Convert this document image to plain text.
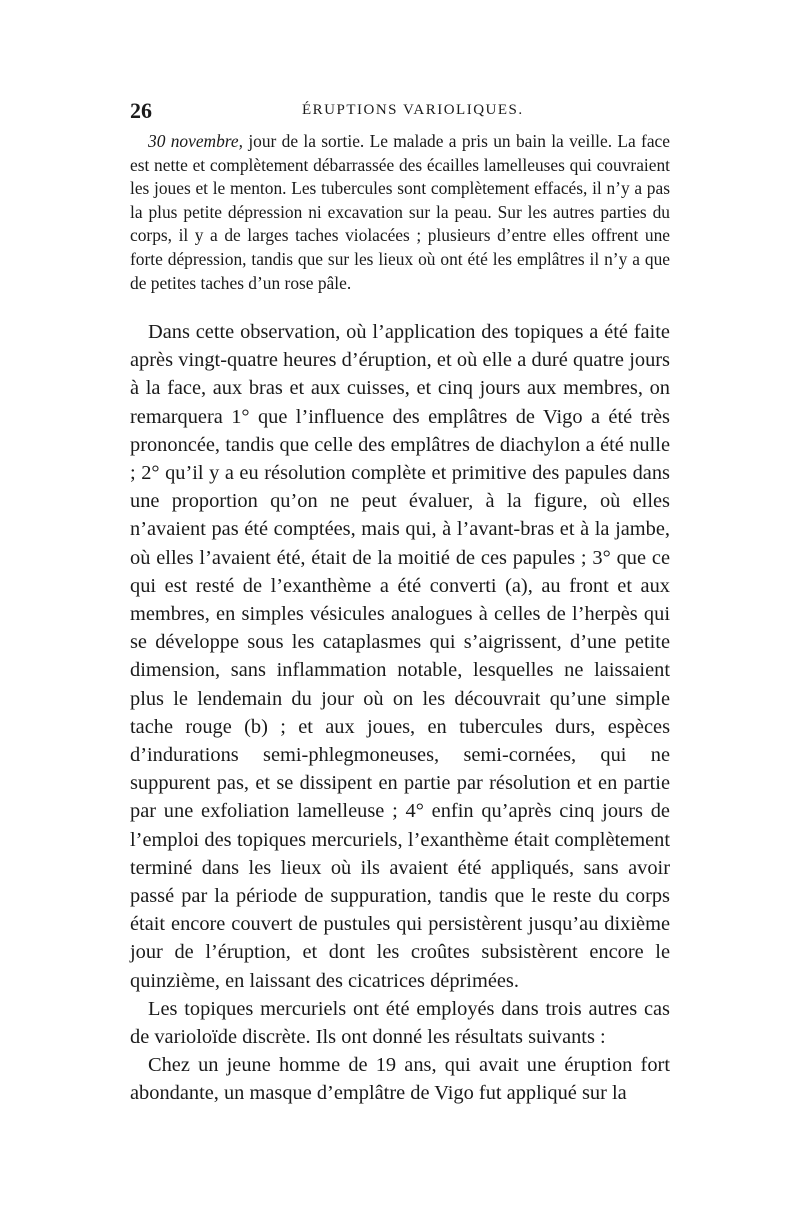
26	ÉRUPTIONS VARIOLIQUES.

30 novembre, jour de la sortie. Le malade a pris un bain la veille. La face est nette et complètement débarrassée des écailles lamelleuses qui couvraient les joues et le menton. Les tubercules sont complètement effacés, il n’y a pas la plus petite dépression ni excavation sur la peau. Sur les autres parties du corps, il y a de larges taches violacées ; plusieurs d’entre elles offrent une forte dépression, tandis que sur les lieux où ont été les emplâtres il n’y a que de petites taches d’un rose pâle.

Dans cette observation, où l’application des topiques a été faite après vingt-quatre heures d’éruption, et où elle a duré quatre jours à la face, aux bras et aux cuisses, et cinq jours aux membres, on remarquera 1° que l’influence des emplâtres de Vigo a été très prononcée, tandis que celle des emplâtres de diachylon a été nulle ; 2° qu’il y a eu résolution complète et primitive des papules dans une proportion qu’on ne peut évaluer, à la figure, où elles n’avaient pas été comptées, mais qui, à l’avant-bras et à la jambe, où elles l’avaient été, était de la moitié de ces papules ; 3° que ce qui est resté de l’exanthème a été converti (a), au front et aux membres, en simples vésicules analogues à celles de l’herpès qui se développe sous les cataplasmes qui s’aigrissent, d’une petite dimension, sans inflammation notable, lesquelles ne laissaient plus le lendemain du jour où on les découvrait qu’une simple tache rouge (b) ; et aux joues, en tubercules durs, espèces d’indurations semi-phlegmoneuses, semi-cornées, qui ne suppurent pas, et se dissipent en partie par résolution et en partie par une exfoliation lamelleuse ; 4° enfin qu’après cinq jours de l’emploi des topiques mercuriels, l’exanthème était complètement terminé dans les lieux où ils avaient été appliqués, sans avoir passé par la période de suppuration, tandis que le reste du corps était encore couvert de pustules qui persistèrent jusqu’au dixième jour de l’éruption, et dont les croûtes subsistèrent encore le quinzième, en laissant des cicatrices déprimées.

Les topiques mercuriels ont été employés dans trois autres cas de varioloïde discrète. Ils ont donné les résultats suivants :

Chez un jeune homme de 19 ans, qui avait une éruption fort abondante, un masque d’emplâtre de Vigo fut appliqué sur la
